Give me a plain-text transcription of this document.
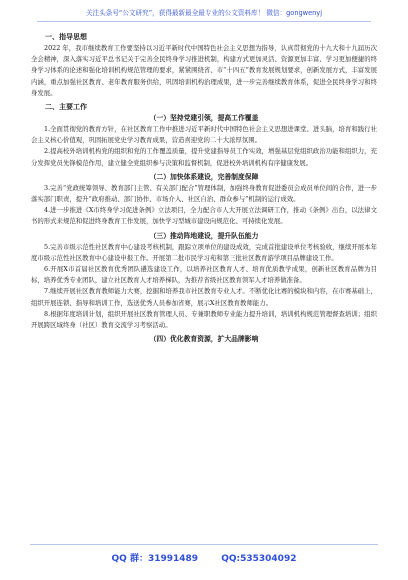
关注头条号“公文研究”，获得最新最全最专业的公文资料库！ 微信：gongwenyj

一、指导思想

2022 年，我市继续教育工作要坚持以习近平新时代中国特色社会主义思想为指导，认真贯彻党的十九大和十九届历次全会精神，深入落实习近平总书记关于完善全民终身学习推进机制，构建方式更加灵活、资源更加丰富、学习更加便捷的终身学习体系的论述和强化培训机构规范管理的要求，紧紧围绕省、市“十四五”教育发展规划要求，创新发展方式，丰富发展内涵，重点加强社区教育、老年教育服务供给，巩固培训机构治理成果，进一步完善继续教育体系，促进全民终身学习和终身发展。

二、主要工作

（一）坚持党建引领，提高工作覆盖

1.全面贯彻党的教育方针，在社区教育工作中推进习近平新时代中国特色社会主义思想进课堂、进头脑，培育和践行社会主义核心价值观，巩固拓展党史学习教育成果，营造喜迎党的二十大浓厚氛围。

2.提高校外培训机构党的组织和党的工作覆盖质量，提升党建指导员工作实效，增强基层党组织政治功能和组织力，充分发挥党员先锋模范作用，建立健全党组织参与决策和监督机制，促进校外培训机构有序健康发展。

（二）加快体系建设，完善制度保障

3.完善“党政统筹领导、教育部门主管、有关部门配合”管理体制，加强终身教育促进委员会成员单位间的合作，进一步落实部门职责，提升“政府推动、部门协作、市场介入、社区自治、群众参与”机制的运行成效。

4.进一步推进《X市终身学习促进条例》立法项目，全力配合市人大开展立法调研工作，推动《条例》出台，以法律文书的形式来规范和促进终身教育工作发展，加快学习型城市建设向规范化、可持续化发展。

（三）推动阵地建设，提升队伍能力

5.完善市级示范性社区教育中心建设考核机制，跟踪立项单位的建设成效，完成首批建设单位考核验收，继续开展本年度市级示范性社区教育中心建设申报工作。开展第二批市民学习苑和第三批社区教育游学项目品牌建设工作。

6.开展X市首届社区教育优秀团队遴选建设工作，以培养社区教育人才、培育优质教学成果，创新社区教育品牌为目标，培养优秀专业团队，建立社区教育人才培养梯队，为推荐省级社区教育领军人才培养做准备。

7.继续开展社区教育教师能力大赛，挖掘和培养我市社区教育专业人才。不断优化比赛的模块和内容，在市赛基础上，组织开展连锁、指导和培训工作，选送优秀人员参加省赛，展示X社区教育教师能力。

8.根据年度培训计划，组织开展社区教育管理人员、专兼职教师专业能力提升培训，培训机构规范管理督查培训；组织开展跨区域终身（社区）教育交流学习考察活动。

（四）优化教育资源，扩大品牌影响

QQ 群：31991489	QQ:535304092
